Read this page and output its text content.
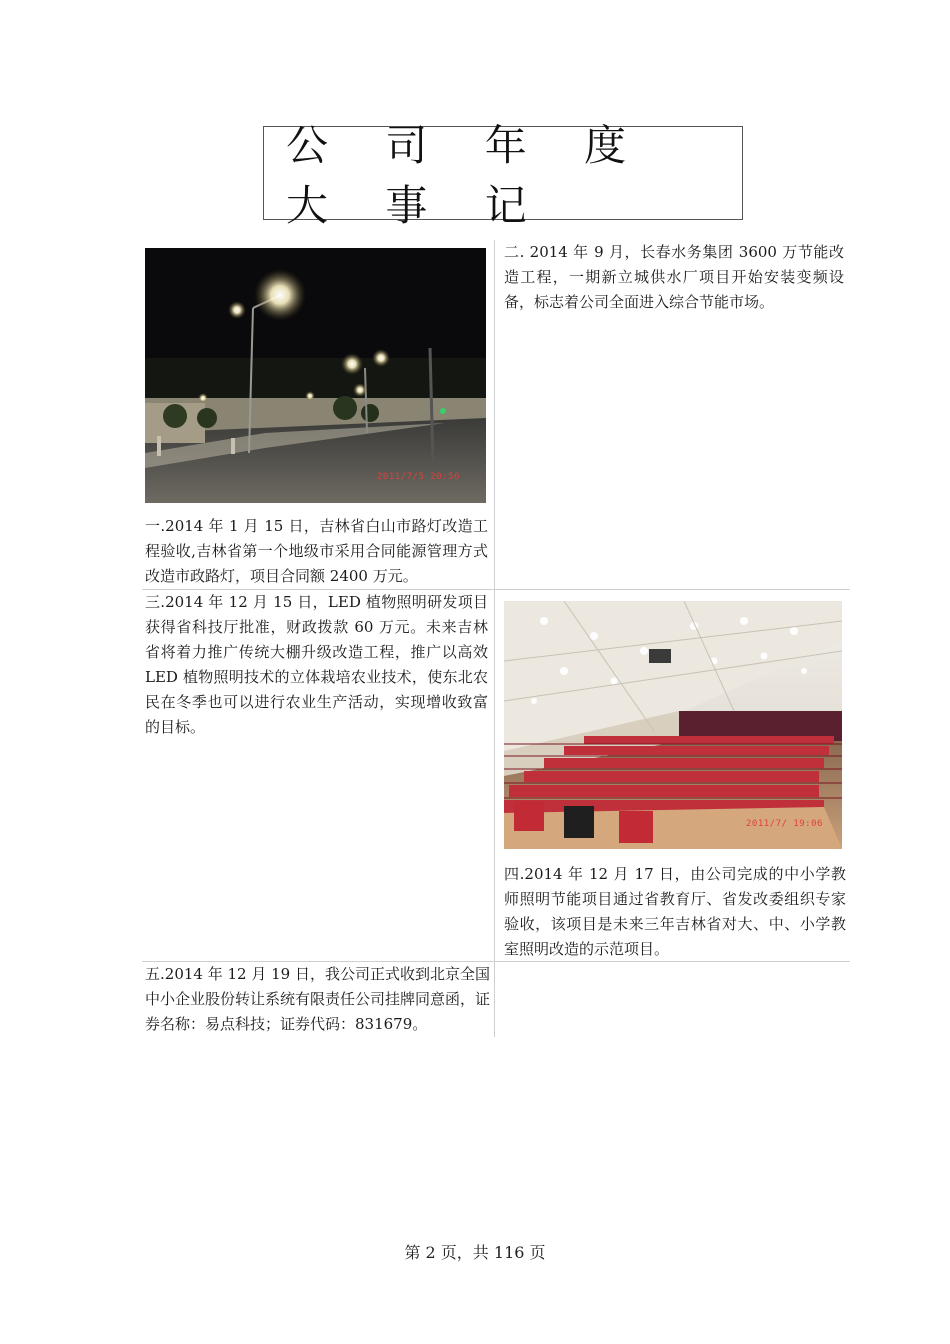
公 司 年 度 大 事 记
2011/7/5 20:56
一.2014 年 1 月 15 日，吉林省白山市路灯改造工程验收,吉林省第一个地级市采用合同能源管理方式改造市政路灯，项目合同额 2400 万元。
二. 2014 年 9 月，长春水务集团 3600 万节能改造工程，一期新立城供水厂项目开始安装变频设备，标志着公司全面进入综合节能市场。
三.2014 年 12 月 15 日，LED 植物照明研发项目获得省科技厅批准，财政拨款 60 万元。未来吉林省将着力推广传统大棚升级改造工程，推广以高效 LED 植物照明技术的立体栽培农业技术，使东北农民在冬季也可以进行农业生产活动，实现增收致富的目标。
2011/7/ 19:06
四.2014 年 12 月 17 日，由公司完成的中小学教师照明节能项目通过省教育厅、省发改委组织专家验收，该项目是未来三年吉林省对大、中、小学教室照明改造的示范项目。
五.2014 年 12 月 19 日，我公司正式收到北京全国中小企业股份转让系统有限责任公司挂牌同意函，证券名称：易点科技；证券代码：831679。
第 2 页，共 116 页
